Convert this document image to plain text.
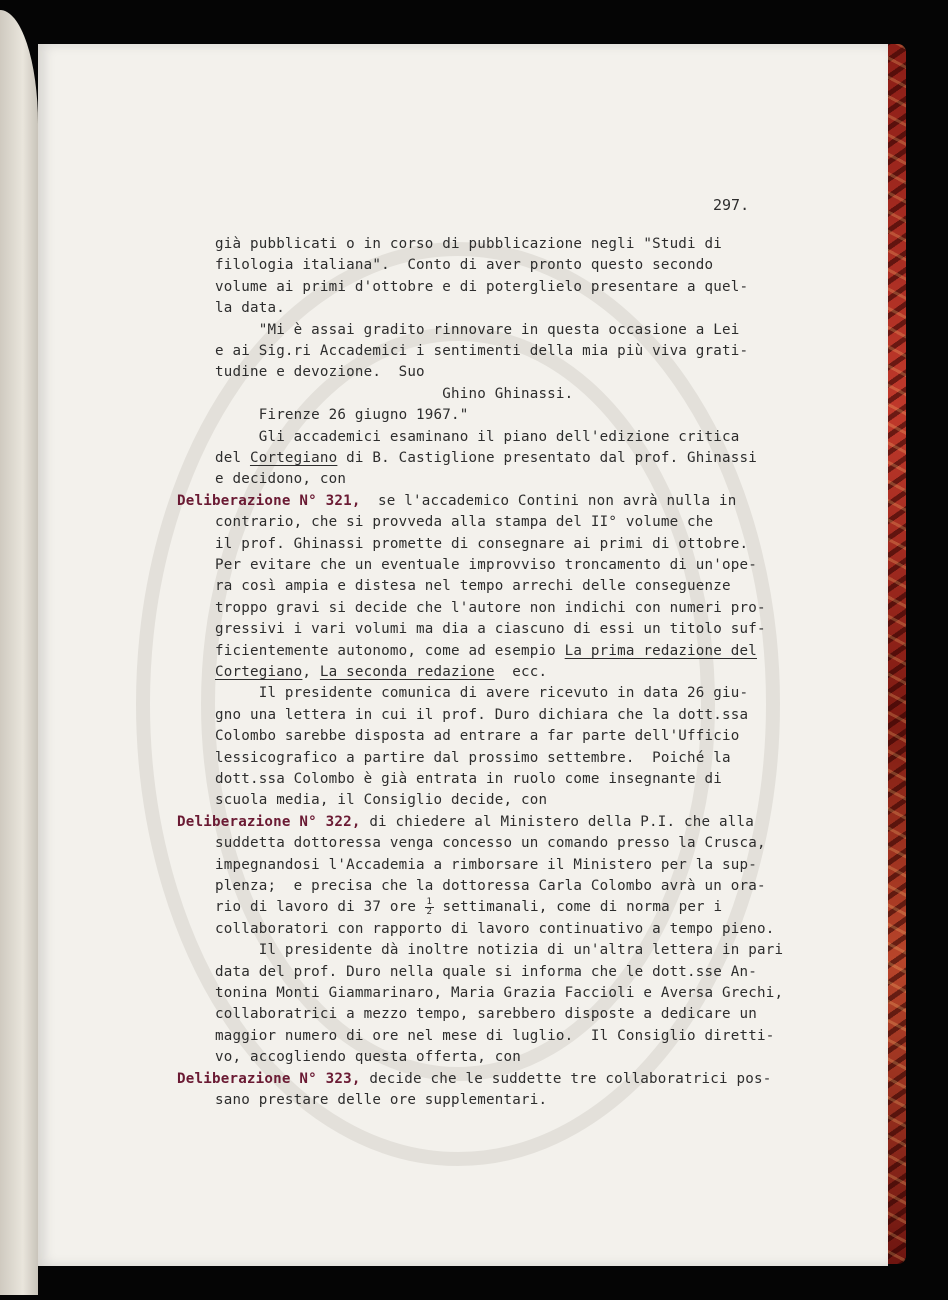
297.
già pubblicati o in corso di pubblicazione negli "Studi di
filologia italiana".  Conto di aver pronto questo secondo
volume ai primi d'ottobre e di poterglielo presentare a quel-
la data.
"Mi è assai gradito rinnovare in questa occasione a Lei
e ai Sig.ri Accademici i sentimenti della mia più viva grati-
tudine e devozione.  Suo
Ghino Ghinassi.
Firenze 26 giugno 1967."
Gli accademici esaminano il piano dell'edizione critica
del Cortegiano di B. Castiglione presentato dal prof. Ghinassi
e decidono, con
Deliberazione N° 321,  se l'accademico Contini non avrà nulla in
contrario, che si provveda alla stampa del II° volume che
il prof. Ghinassi promette di consegnare ai primi di ottobre.
Per evitare che un eventuale improvviso troncamento di un'ope-
ra così ampia e distesa nel tempo arrechi delle conseguenze
troppo gravi si decide che l'autore non indichi con numeri pro-
gressivi i vari volumi ma dia a ciascuno di essi un titolo suf-
ficientemente autonomo, come ad esempio La prima redazione del
Cortegiano, La seconda redazione  ecc.
Il presidente comunica di avere ricevuto in data 26 giu-
gno una lettera in cui il prof. Duro dichiara che la dott.ssa
Colombo sarebbe disposta ad entrare a far parte dell'Ufficio
lessicografico a partire dal prossimo settembre.  Poiché la
dott.ssa Colombo è già entrata in ruolo come insegnante di
scuola media, il Consiglio decide, con
Deliberazione N° 322, di chiedere al Ministero della P.I. che alla
suddetta dottoressa venga concesso un comando presso la Crusca,
impegnandosi l'Accademia a rimborsare il Ministero per la sup-
plenza;  e precisa che la dottoressa Carla Colombo avrà un ora-
rio di lavoro di 37 ore $\frac{1}{2}$ settimanali, come di norma per i
collaboratori con rapporto di lavoro continuativo a tempo pieno.
Il presidente dà inoltre notizia di un'altra lettera in pari
data del prof. Duro nella quale si informa che le dott.sse An-
tonina Monti Giammarinaro, Maria Grazia Faccioli e Aversa Grechi,
collaboratrici a mezzo tempo, sarebbero disposte a dedicare un
maggior numero di ore nel mese di luglio.  Il Consiglio diretti-
vo, accogliendo questa offerta, con
Deliberazione N° 323, decide che le suddette tre collaboratrici pos-
sano prestare delle ore supplementari.
